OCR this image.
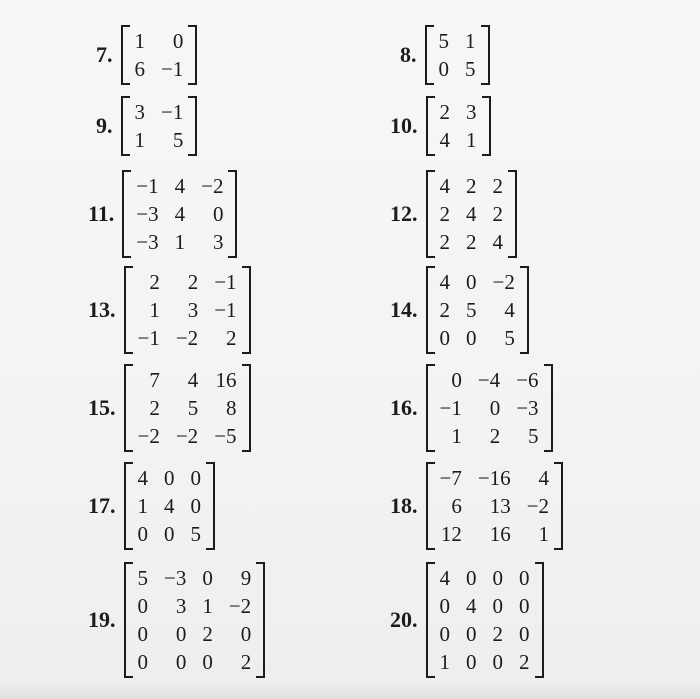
7.
1	0
6	−1
8.
5	1
0	5
9.
3	−1
1	5
10.
2	3
4	1
11.
−1	4	−2
−3	4	0
−3	1	3
12.
4	2	2
2	4	2
2	2	4
13.
2	2	−1
1	3	−1
−1	−2	2
14.
4	0	−2
2	5	4
0	0	5
15.
7	4	16
2	5	8
−2	−2	−5
16.
0	−4	−6
−1	0	−3
1	2	5
17.
4	0	0
1	4	0
0	0	5
18.
−7	−16	4
6	13	−2
12	16	1
19.
5	−3	0	9
0	3	1	−2
0	0	2	0
0	0	0	2
20.
4	0	0	0
0	4	0	0
0	0	2	0
1	0	0	2
